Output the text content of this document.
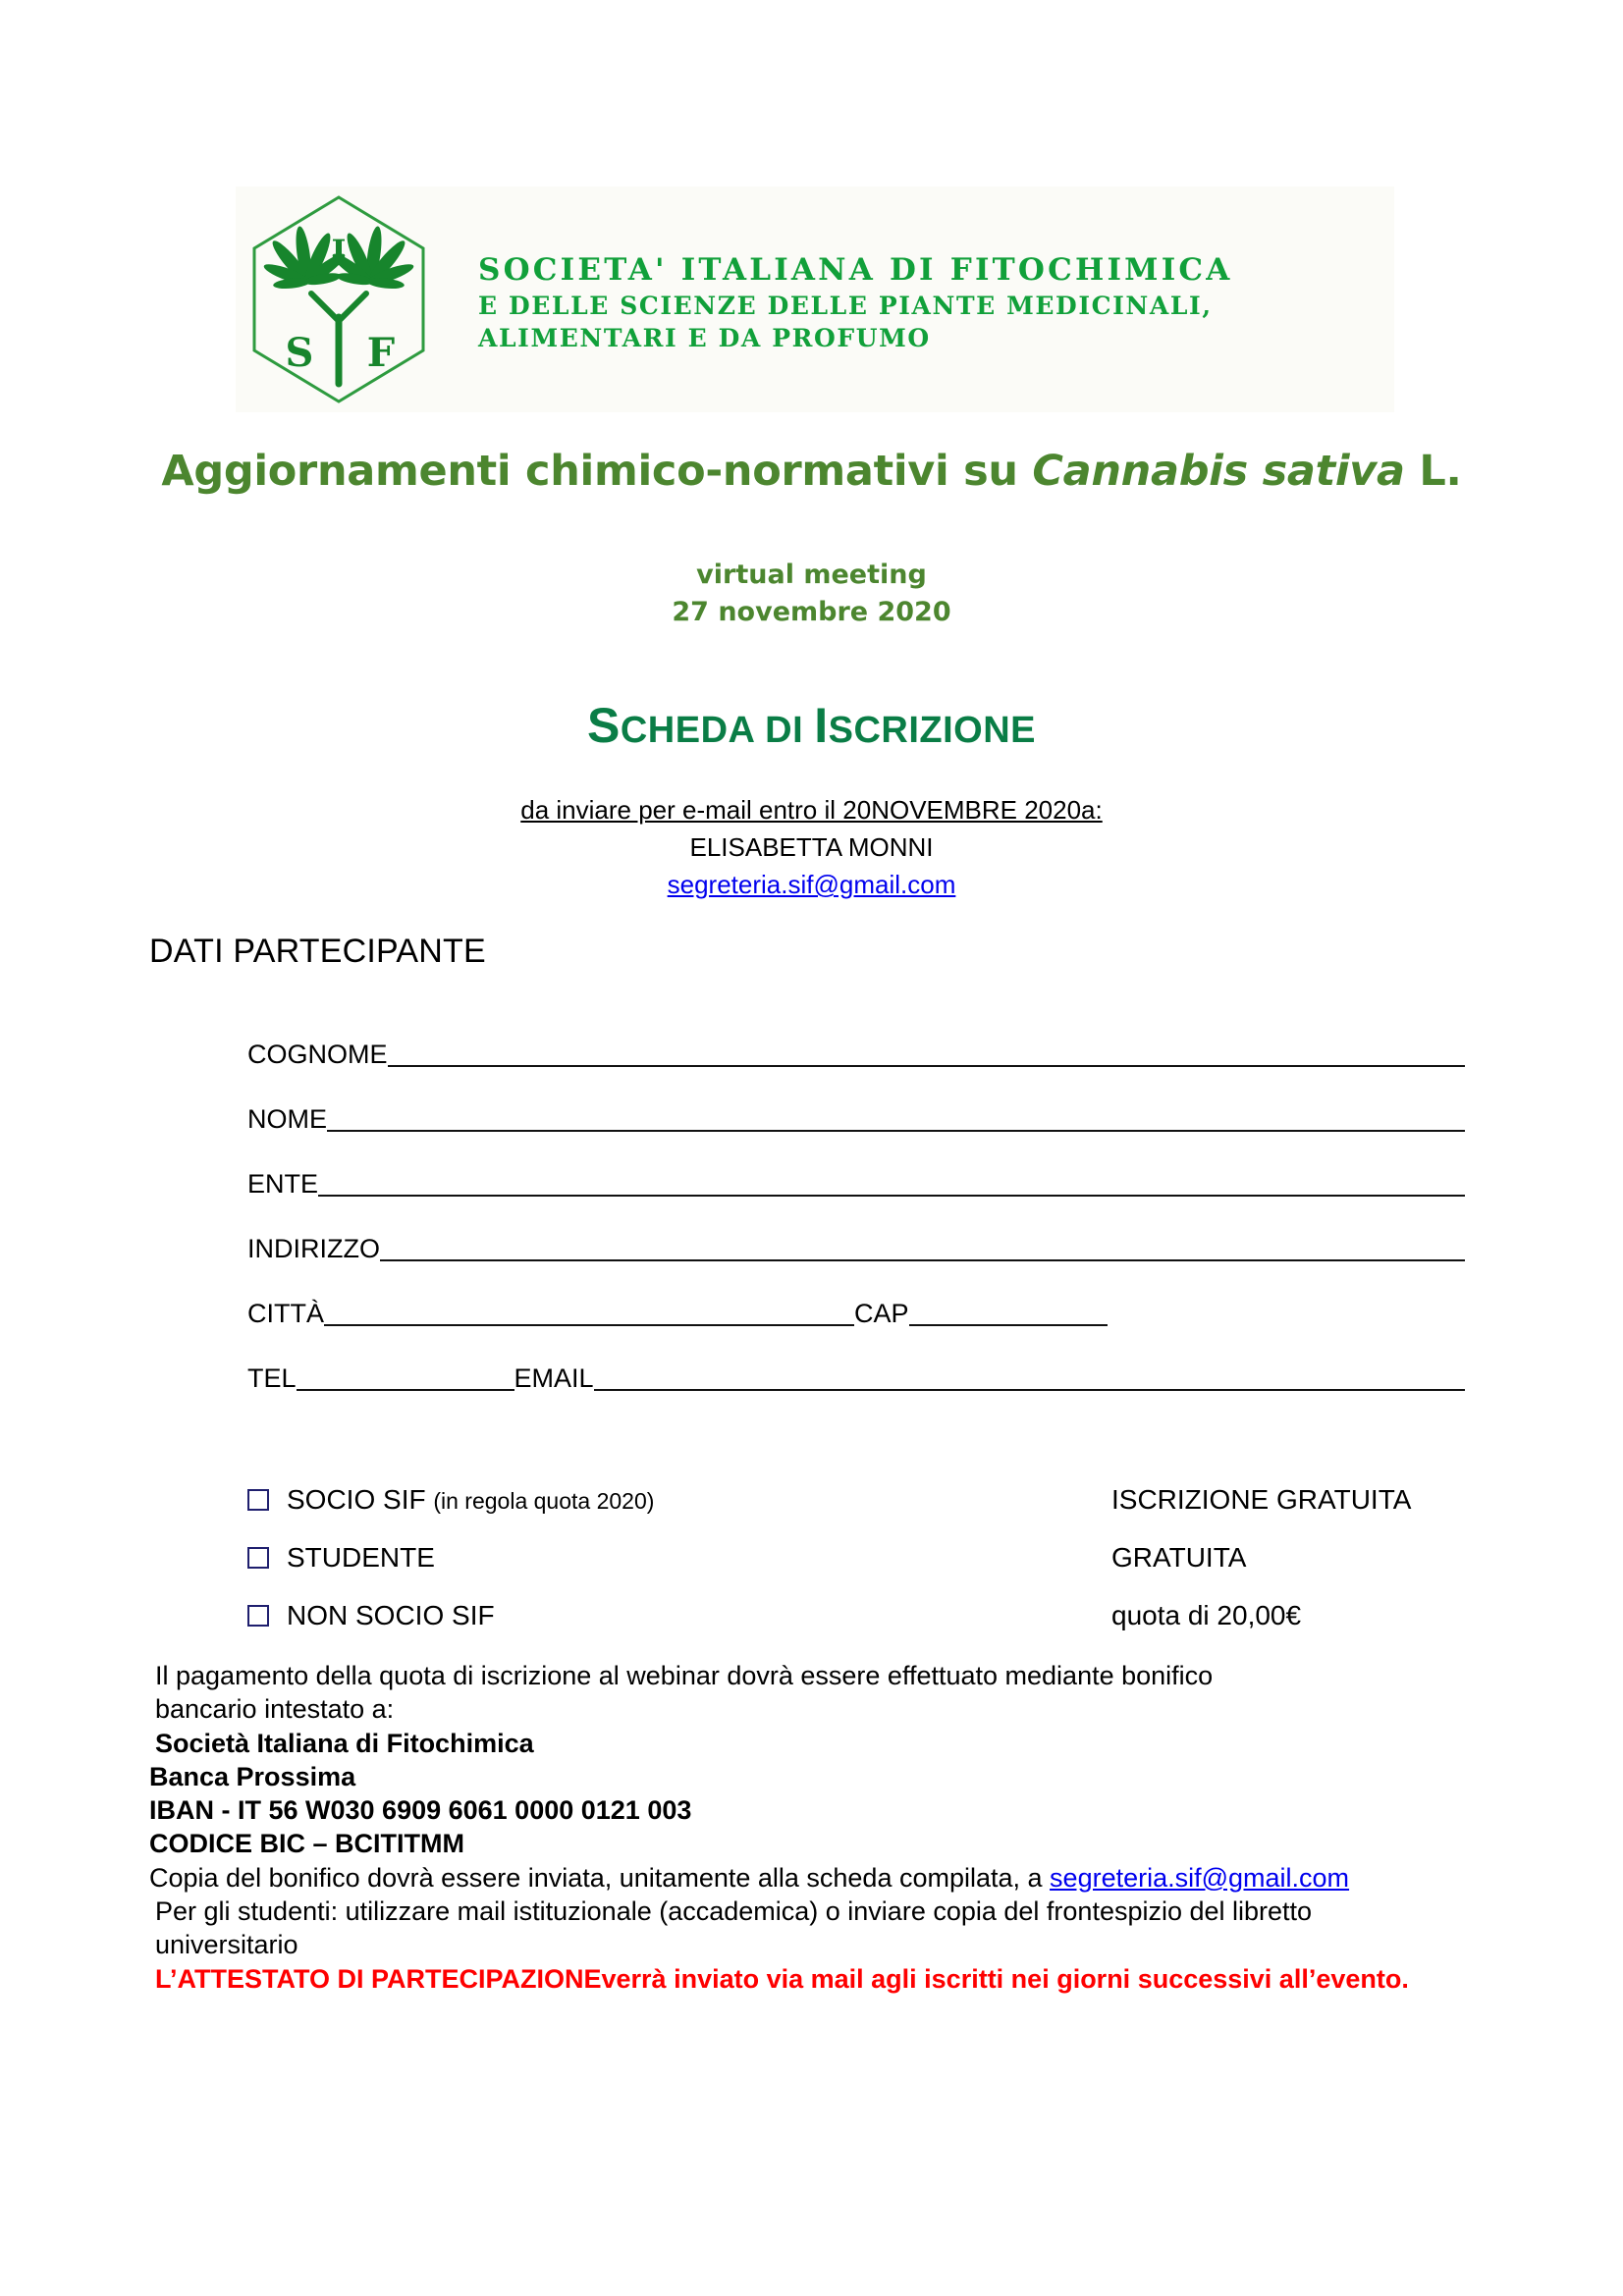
I
S F
SOCIETA' ITALIANA DI FITOCHIMICA
E DELLE SCIENZE DELLE PIANTE MEDICINALI,
ALIMENTARI E DA PROFUMO
Aggiornamenti chimico-normativi su Cannabis sativa L.
virtual meeting
27 novembre 2020
SCHEDA DI ISCRIZIONE
da inviare per e-mail entro il 20NOVEMBRE 2020a:
ELISABETTA MONNI
segreteria.sif@gmail.com
DATI PARTECIPANTE
COGNOME
NOME
ENTE
INDIRIZZO
CITTÀ	CAP
TEL	EMAIL
SOCIO SIF (in regola quota 2020)	ISCRIZIONE GRATUITA
STUDENTE	GRATUITA
NON SOCIO SIF	quota di 20,00€

Il pagamento della quota di iscrizione al webinar dovrà essere effettuato mediante bonifico

bancario intestato a:

Società Italiana di Fitochimica

Banca Prossima

IBAN - IT 56 W030 6909 6061 0000 0121 003

CODICE BIC – BCITITMM

Copia del bonifico dovrà essere inviata, unitamente alla scheda compilata, a segreteria.sif@gmail.com

Per gli studenti: utilizzare mail istituzionale (accademica) o inviare copia del frontespizio del libretto

universitario

L’ATTESTATO DI PARTECIPAZIONEverrà inviato via mail agli iscritti nei giorni successivi all’evento.
